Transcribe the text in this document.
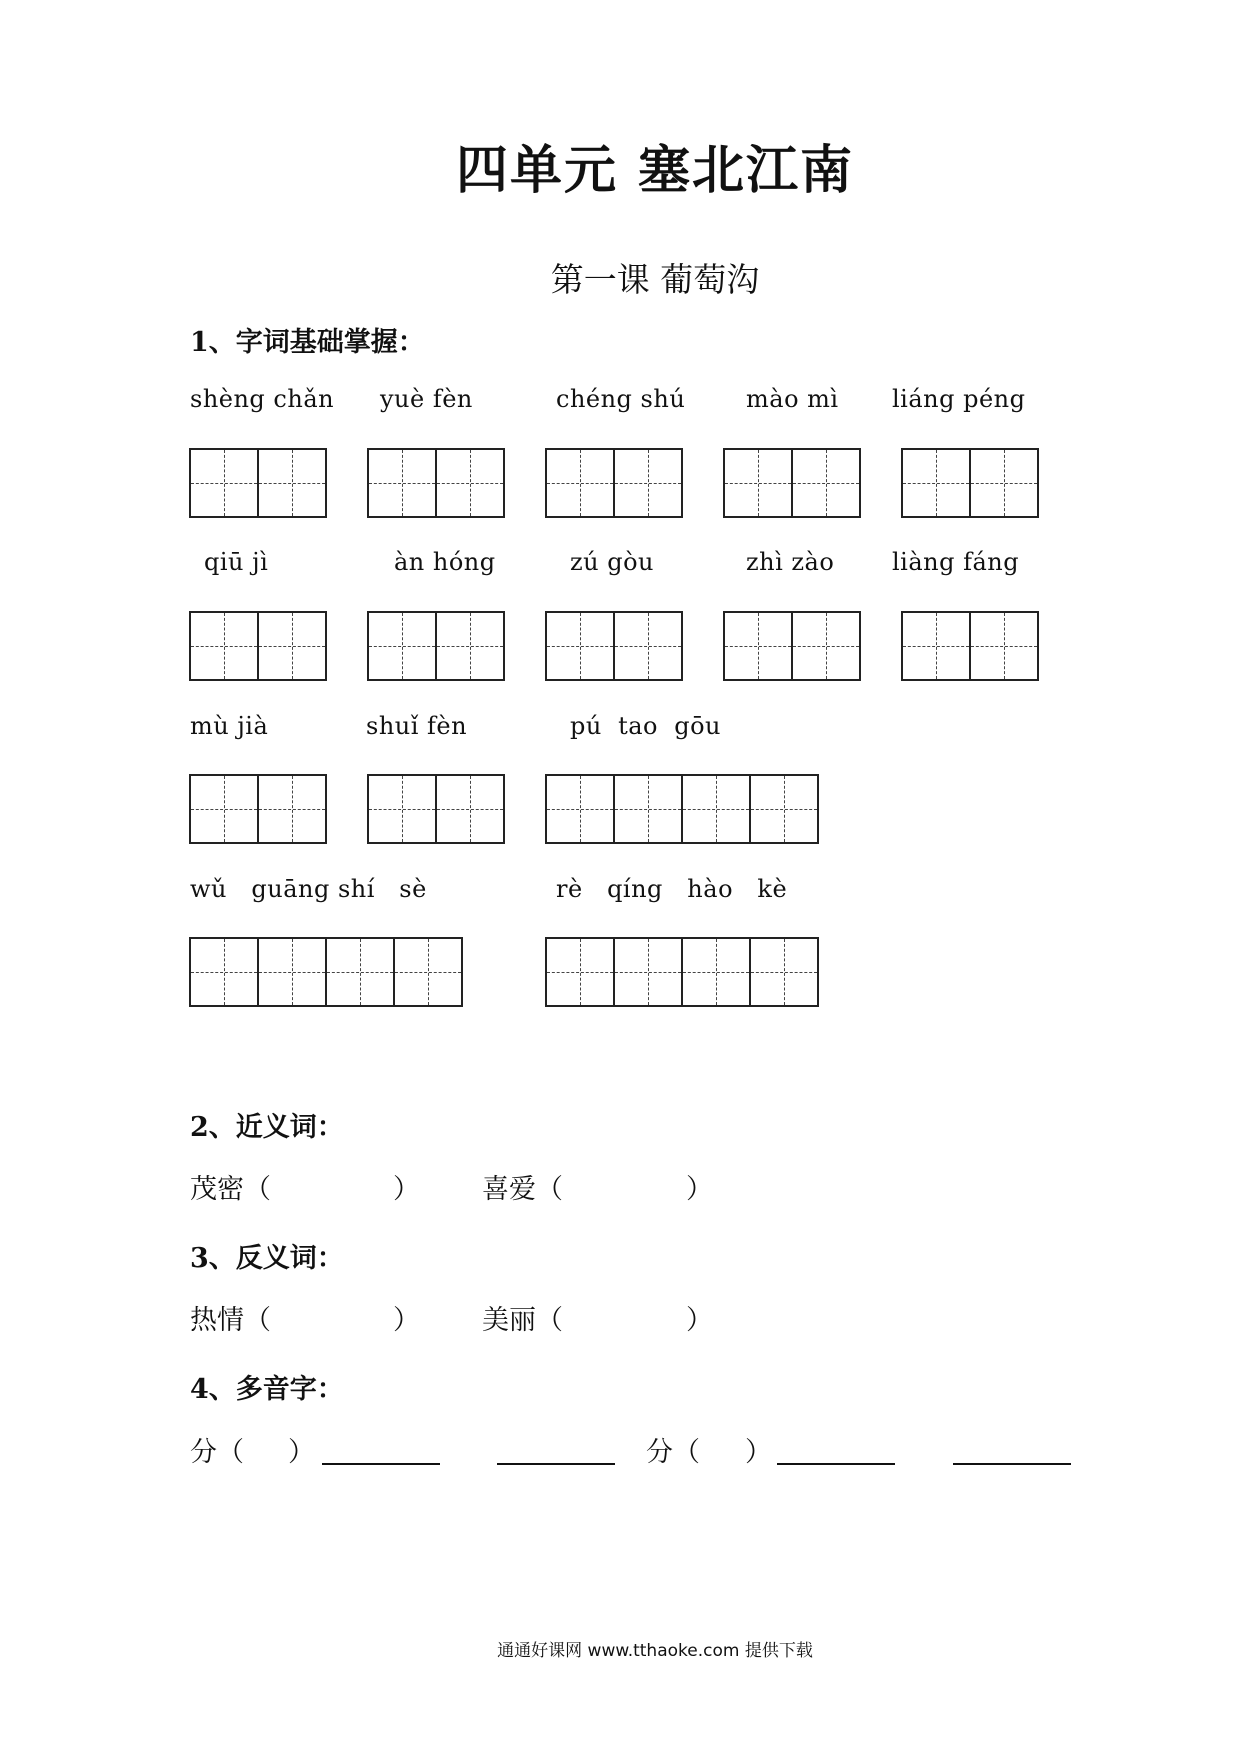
四单元 塞北江南
第一课 葡萄沟
1、字词基础掌握：
shèng chǎn yuè fèn	chéng shú	mào mì liáng péng
qiū jì	àn hóng	zú gòu	zhì zào liàng fáng
mù jià	shuǐ fèn	pú  tao  gōu
wǔ   guāng shí   sè	rè   qíng   hào   kè
2、近义词：
茂密（	） 喜爱（	）
3、反义词：
热情（	） 美丽（	）
4、多音字：
分（ ）	分（ ）
通通好课网 www.tthaoke.com 提供下载
